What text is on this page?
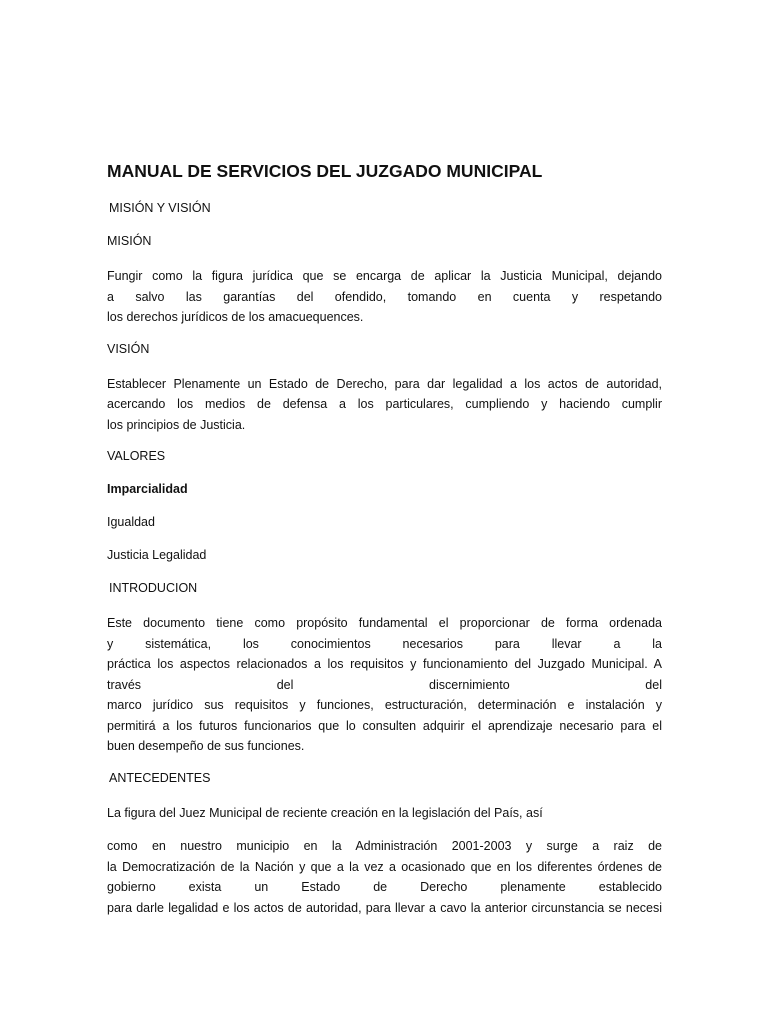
MANUAL DE SERVICIOS DEL JUZGADO MUNICIPAL
MISIÓN Y VISIÓN
MISIÓN
Fungir como la figura jurídica que se encarga de aplicar la Justicia Municipal, dejando
a salvo las garantías del ofendido, tomando en cuenta y respetando
los derechos jurídicos de los amacuequences.
VISIÓN
Establecer Plenamente un Estado de Derecho, para dar legalidad a los actos de autoridad,
acercando los medios de defensa a los particulares, cumpliendo y haciendo cumplir
los principios de Justicia.
VALORES
Imparcialidad
Igualdad
Justicia Legalidad
INTRODUCION
Este documento tiene como propósito fundamental el proporcionar de forma ordenada
y sistemática, los conocimientos necesarios para llevar a la
práctica los aspectos relacionados a los requisitos y funcionamiento del Juzgado Municipal. A
través del discernimiento del
marco jurídico sus requisitos y funciones, estructuración, determinación e instalación y
permitirá a los futuros funcionarios que lo consulten adquirir el aprendizaje necesario para el
buen desempeño de sus funciones.
ANTECEDENTES
La figura del Juez Municipal de reciente creación en la legislación del País, así
como en nuestro municipio en la Administración 2001-2003 y surge a raiz de
la Democratización de la Nación y que a la vez a ocasionado que en los diferentes órdenes de
gobierno exista un Estado de Derecho plenamente establecido
para darle legalidad e los actos de autoridad, para llevar a cavo la anterior circunstancia se necesi
